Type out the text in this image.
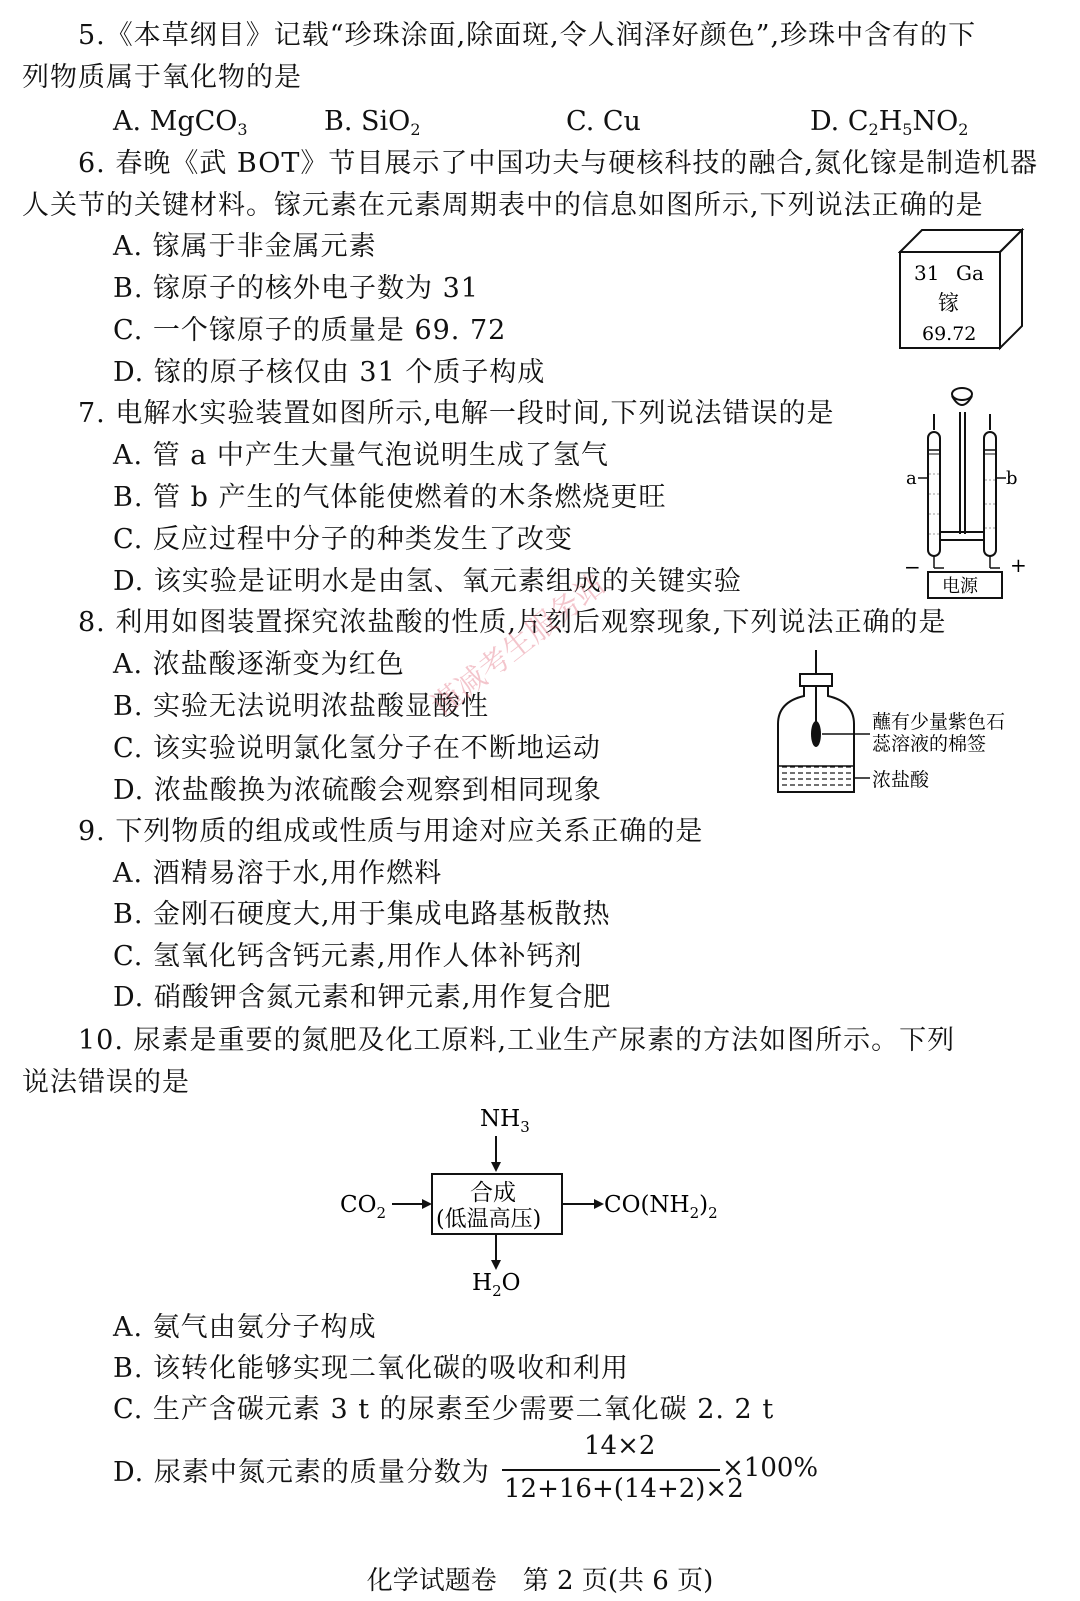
5.《本草纲目》记载“珍珠涂面,除面斑,令人润泽好颜色”,珍珠中含有的下
列物质属于氧化物的是
A. MgCO$_3$	B. SiO$_2$	C. Cu	D. $C_2H_5NO_2$
6. 春晚《武 BOT》节目展示了中国功夫与硬核科技的融合,氮化镓是制造机器
人关节的关键材料。镓元素在元素周期表中的信息如图所示,下列说法正确的是
A. 镓属于非金属元素
B. 镓原子的核外电子数为 31
C. 一个镓原子的质量是 69. 72
D. 镓的原子核仅由 31 个质子构成
31 Ga
镓
69.72
7. 电解水实验装置如图所示,电解一段时间,下列说法错误的是
A. 管 a 中产生大量气泡说明生成了氢气
B. 管 b 产生的气体能使燃着的木条燃烧更旺
C. 反应过程中分子的种类发生了改变
D. 该实验是证明水是由氢、氧元素组成的关键实验
a	b
−	+
电源
8. 利用如图装置探究浓盐酸的性质,片刻后观察现象,下列说法正确的是
A. 浓盐酸逐渐变为红色
B. 实验无法说明浓盐酸显酸性
C. 该实验说明氯化氢分子在不断地运动
D. 浓盐酸换为浓硫酸会观察到相同现象
蘸有少量紫色石
蕊溶液的棉签
浓盐酸
谨减考生服务站
9. 下列物质的组成或性质与用途对应关系正确的是
A. 酒精易溶于水,用作燃料
B. 金刚石硬度大,用于集成电路基板散热
C. 氢氧化钙含钙元素,用作人体补钙剂
D. 硝酸钾含氮元素和钾元素,用作复合肥
10. 尿素是重要的氮肥及化工原料,工业生产尿素的方法如图所示。下列
说法错误的是
$NH_3$
$CO_2$
合成
(低温高压)
$CO(NH_2)_2$
$H_2O$
A. 氨气由氨分子构成
B. 该转化能够实现二氧化碳的吸收和利用
C. 生产含碳元素 3 t 的尿素至少需要二氧化碳 2. 2 t
D. 尿素中氮元素的质量分数为
14×2
12+16+(14+2)×2
×100%
化学试题卷　第 2 页(共 6 页)
